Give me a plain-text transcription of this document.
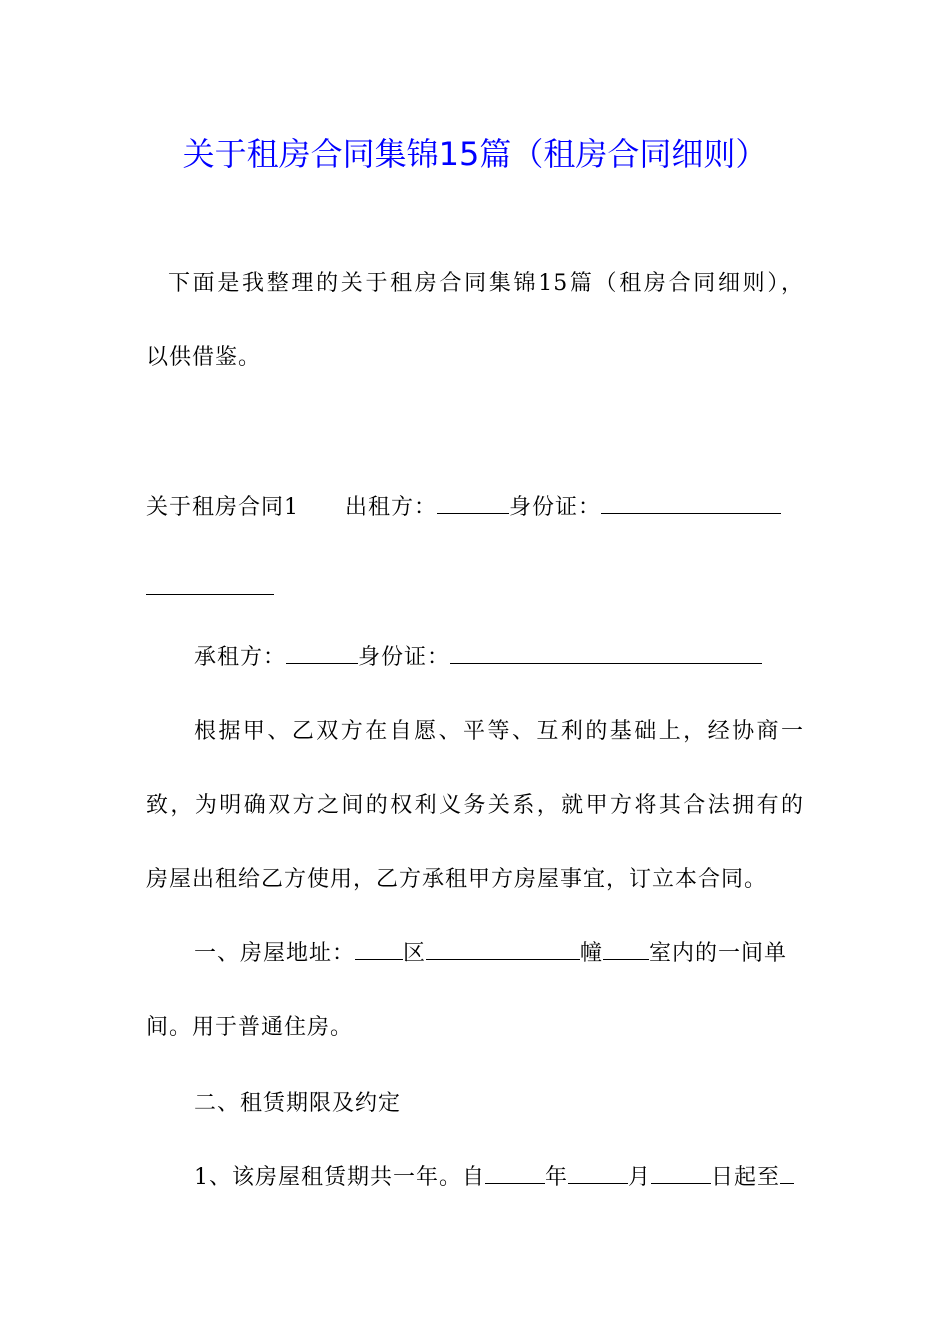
关于租房合同集锦15篇（租房合同细则）
下面是我整理的关于租房合同集锦15篇（租房合同细则），
以供借鉴。
关于租房合同1 出租方：	身份证：
承租方：	身份证：
根据甲、乙双方在自愿、平等、互利的基础上，经协商一
致，为明确双方之间的权利义务关系，就甲方将其合法拥有的
房屋出租给乙方使用，乙方承租甲方房屋事宜，订立本合同。
一、房屋地址： 区	幢 室内的一间单
间。用于普通住房。
二、租赁期限及约定
1、该房屋租赁期共一年。自	年	月	日起至
